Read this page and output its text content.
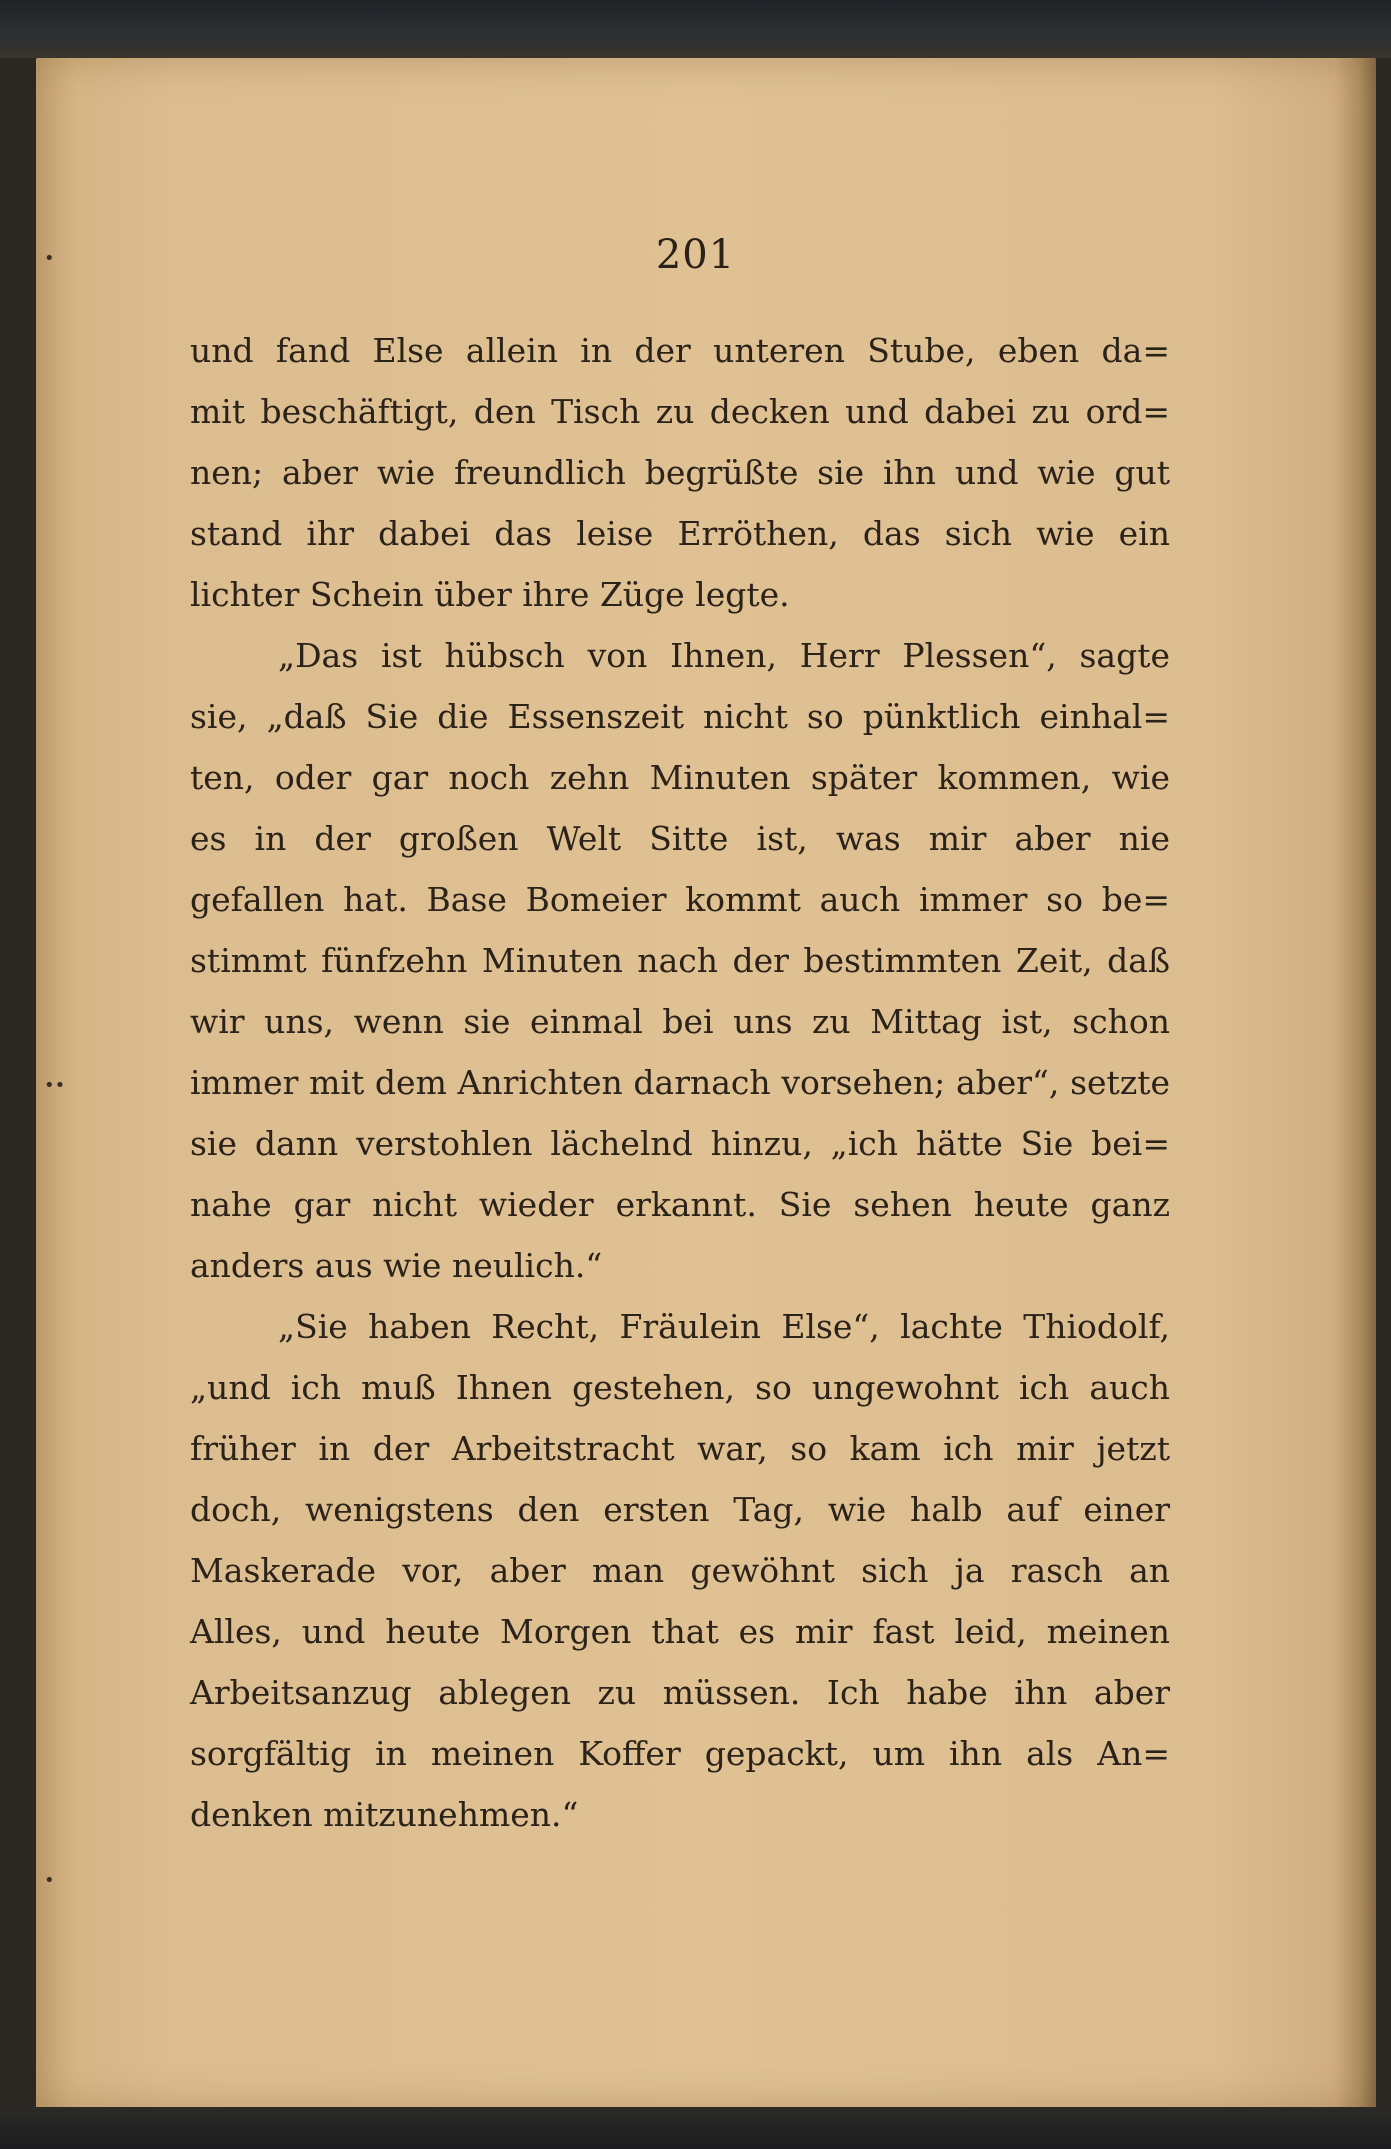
•
••
•
201

und fand Else allein in der unteren Stube, eben da=
mit beschäftigt, den Tisch zu decken und dabei zu ord=
nen; aber wie freundlich begrüßte sie ihn und wie gut
stand ihr dabei das leise Erröthen, das sich wie ein
lichter Schein über ihre Züge legte.

„Das ist hübsch von Ihnen, Herr Plessen“, sagte
sie, „daß Sie die Essenszeit nicht so pünktlich einhal=
ten, oder gar noch zehn Minuten später kommen, wie
es in der großen Welt Sitte ist, was mir aber nie
gefallen hat. Base Bomeier kommt auch immer so be=
stimmt fünfzehn Minuten nach der bestimmten Zeit, daß
wir uns, wenn sie einmal bei uns zu Mittag ist, schon
immer mit dem Anrichten darnach vorsehen; aber“, setzte
sie dann verstohlen lächelnd hinzu, „ich hätte Sie bei=
nahe gar nicht wieder erkannt. Sie sehen heute ganz
anders aus wie neulich.“

„Sie haben Recht, Fräulein Else“, lachte Thiodolf,
„und ich muß Ihnen gestehen, so ungewohnt ich auch
früher in der Arbeitstracht war, so kam ich mir jetzt
doch, wenigstens den ersten Tag, wie halb auf einer
Maskerade vor, aber man gewöhnt sich ja rasch an
Alles, und heute Morgen that es mir fast leid, meinen
Arbeitsanzug ablegen zu müssen. Ich habe ihn aber
sorgfältig in meinen Koffer gepackt, um ihn als An=
denken mitzunehmen.“
